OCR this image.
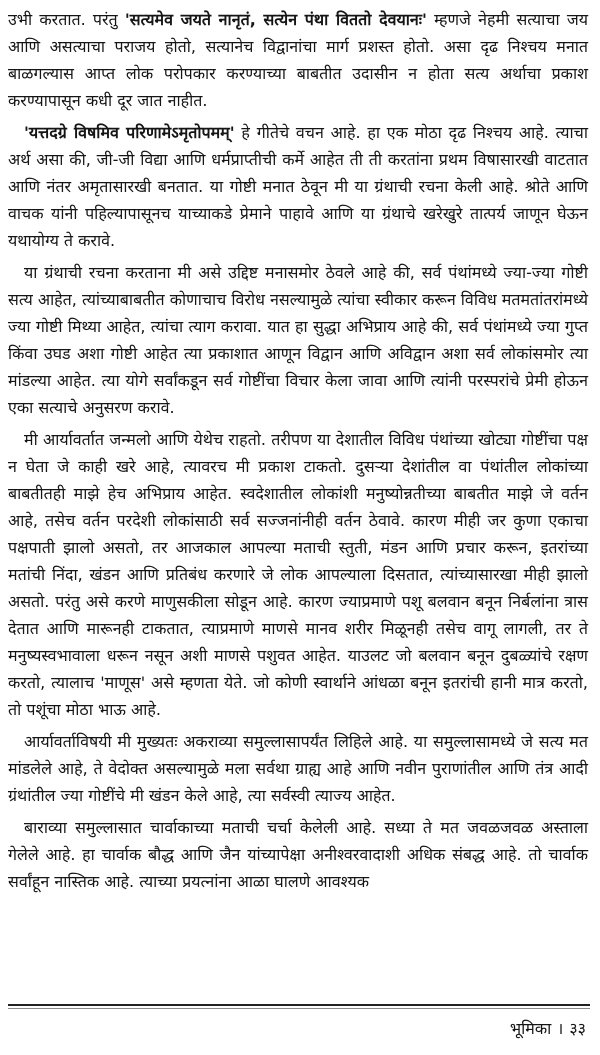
उभी करतात. परंतु 'सत्यमेव जयते नानृतं, सत्येन पंथा विततो देवयानः' म्हणजे नेहमी सत्याचा जय आणि असत्याचा पराजय होतो, सत्यानेच विद्वानांचा मार्ग प्रशस्त होतो. असा दृढ निश्चय मनात बाळगल्यास आप्त लोक परोपकार करण्याच्या बाबतीत उदासीन न होता सत्य अर्थाचा प्रकाश करण्यापासून कधी दूर जात नाहीत.

'यत्तदग्रे विषमिव परिणामेऽमृतोपमम्' हे गीतेचे वचन आहे. हा एक मोठा दृढ निश्चय आहे. त्याचा अर्थ असा की, जी-जी विद्या आणि धर्मप्राप्तीची कर्मे आहेत ती ती करतांना प्रथम विषासारखी वाटतात आणि नंतर अमृतासारखी बनतात. या गोष्टी मनात ठेवून मी या ग्रंथाची रचना केली आहे. श्रोते आणि वाचक यांनी पहिल्यापासूनच याच्याकडे प्रेमाने पाहावे आणि या ग्रंथाचे खरेखुरे तात्पर्य जाणून घेऊन यथायोग्य ते करावे.

या ग्रंथाची रचना करताना मी असे उद्दिष्ट मनासमोर ठेवले आहे की, सर्व पंथांमध्ये ज्या-ज्या गोष्टी सत्य आहेत, त्यांच्याबाबतीत कोणाचाच विरोध नसल्यामुळे त्यांचा स्वीकार करून विविध मतमतांतरांमध्ये ज्या गोष्टी मिथ्या आहेत, त्यांचा त्याग करावा. यात हा सुद्धा अभिप्राय आहे की, सर्व पंथांमध्ये ज्या गुप्त किंवा उघड अशा गोष्टी आहेत त्या प्रकाशात आणून विद्वान आणि अविद्वान अशा सर्व लोकांसमोर त्या मांडल्या आहेत. त्या योगे सर्वांकडून सर्व गोष्टींचा विचार केला जावा आणि त्यांनी परस्परांचे प्रेमी होऊन एका सत्याचे अनुसरण करावे.

मी आर्यावर्तात जन्मलो आणि येथेच राहतो. तरीपण या देशातील विविध पंथांच्या खोट्या गोष्टींचा पक्ष न घेता जे काही खरे आहे, त्यावरच मी प्रकाश टाकतो. दुसऱ्या देशांतील वा पंथांतील लोकांच्या बाबतीतही माझे हेच अभिप्राय आहेत. स्वदेशातील लोकांशी मनुष्योन्नतीच्या बाबतीत माझे जे वर्तन आहे, तसेच वर्तन परदेशी लोकांसाठी सर्व सज्जनांनीही वर्तन ठेवावे. कारण मीही जर कुणा एकाचा पक्षपाती झालो असतो, तर आजकाल आपल्या मताची स्तुती, मंडन आणि प्रचार करून, इतरांच्या मतांची निंदा, खंडन आणि प्रतिबंध करणारे जे लोक आपल्याला दिसतात, त्यांच्यासारखा मीही झालो असतो. परंतु असे करणे माणुसकीला सोडून आहे. कारण ज्याप्रमाणे पशू बलवान बनून निर्बलांना त्रास देतात आणि मारूनही टाकतात, त्याप्रमाणे माणसे मानव शरीर मिळूनही तसेच वागू लागली, तर ते मनुष्यस्वभावाला धरून नसून अशी माणसे पशुवत आहेत. याउलट जो बलवान बनून दुबळ्यांचे रक्षण करतो, त्यालाच 'माणूस' असे म्हणता येते. जो कोणी स्वार्थाने आंधळा बनून इतरांची हानी मात्र करतो, तो पशूंचा मोठा भाऊ आहे.

आर्यावर्ताविषयी मी मुख्यतः अकराव्या समुल्लासापर्यंत लिहिले आहे. या समुल्लासामध्ये जे सत्य मत मांडलेले आहे, ते वेदोक्त असल्यामुळे मला सर्वथा ग्राह्य आहे आणि नवीन पुराणांतील आणि तंत्र आदी ग्रंथांतील ज्या गोष्टींचे मी खंडन केले आहे, त्या सर्वस्वी त्याज्य आहेत.

बाराव्या समुल्लासात चार्वाकाच्या मताची चर्चा केलेली आहे. सध्या ते मत जवळजवळ अस्ताला गेलेले आहे. हा चार्वाक बौद्ध आणि जैन यांच्यापेक्षा अनीश्वरवादाशी अधिक संबद्ध आहे. तो चार्वाक सर्वांहून नास्तिक आहे. त्याच्या प्रयत्नांना आळा घालणे आवश्यक

भूमिका । ३३
